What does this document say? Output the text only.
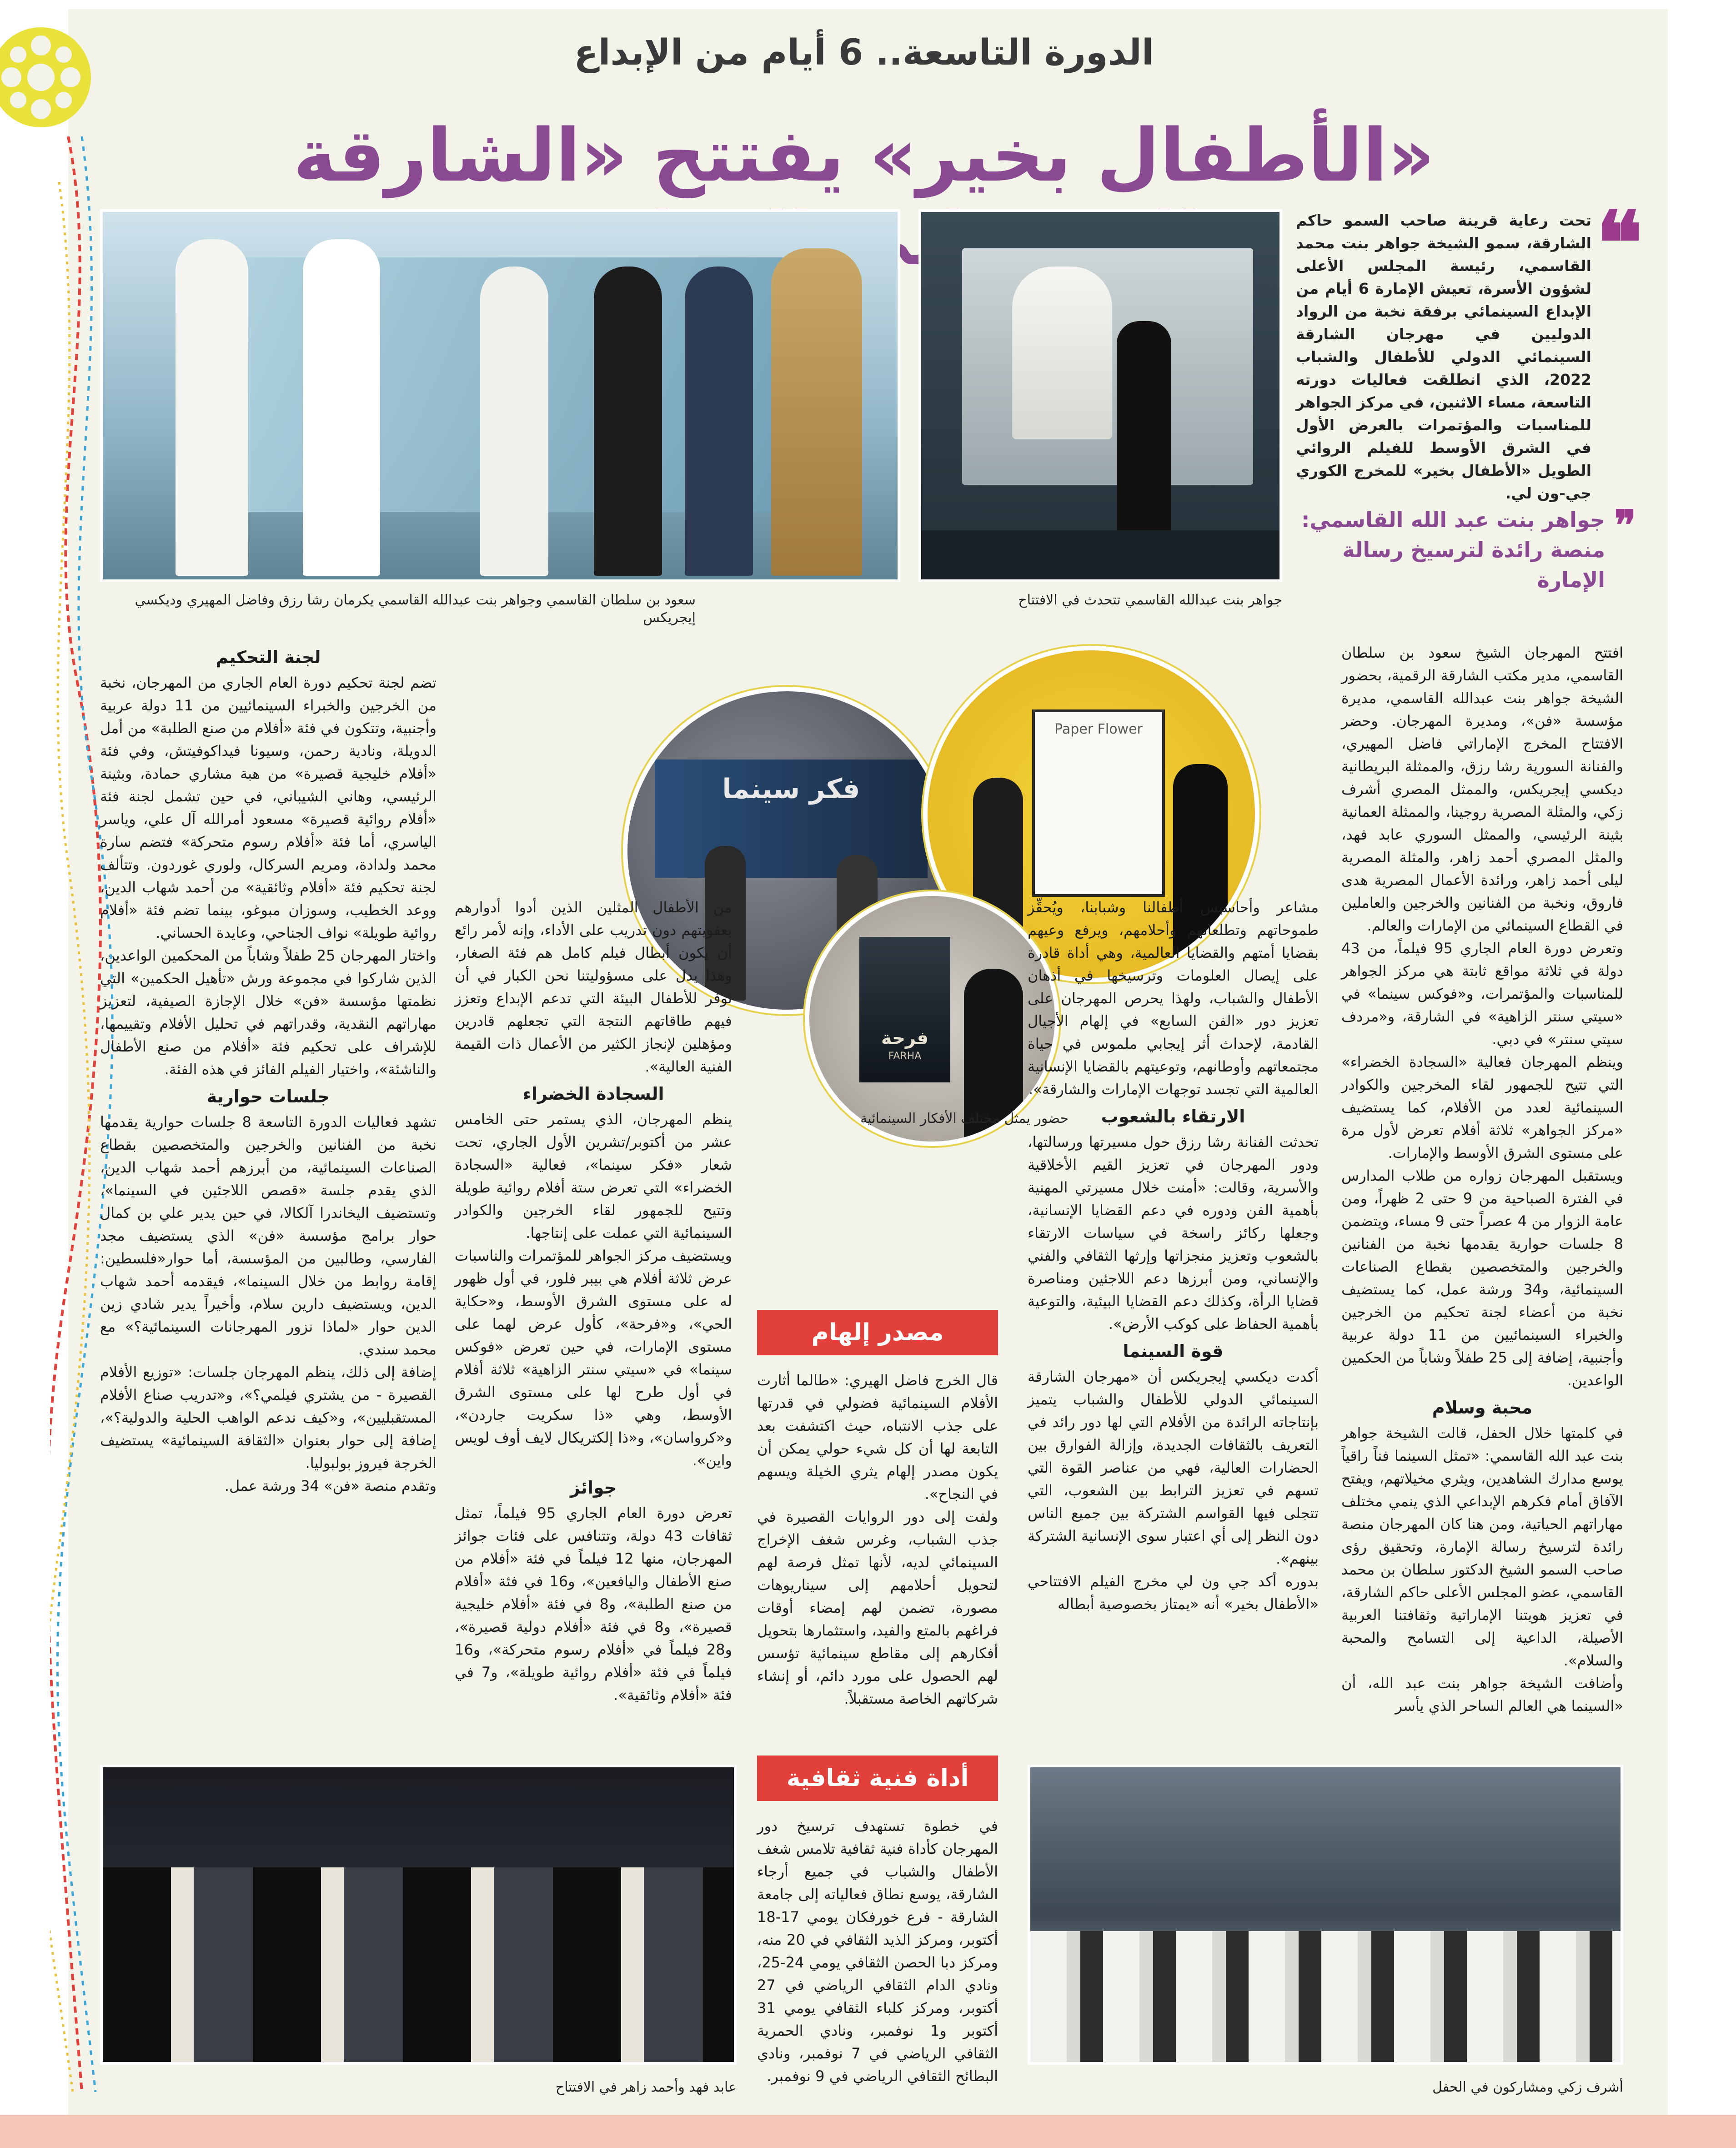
الدورة التاسعة.. 6 أيام من الإبداع
«الأطفال بخير» يفتتح «الشارقة
❝
تحت رعاية قرينة صاحب السمو حاكم الشارقة، سمو الشيخة جواهر بنت محمد القاسمي، رئيسة المجلس الأعلى لشؤون الأسرة، تعيش الإمارة 6 أيام من الإبداع السينمائي برفقة نخبة من الرواد الدوليين في مهرجان الشارقة السينمائي الدولي للأطفال والشباب 2022، الذي انطلقت فعاليات دورته التاسعة، مساء الاثنين، في مركز الجواهر للمناسبات والمؤتمرات بالعرض الأول في الشرق الأوسط للفيلم الروائي الطويل «الأطفال بخير» للمخرج الكوري جي-ون لي.
❞
جواهر بنت عبد الله القاسمي:
منصة رائدة لترسيخ رسالة الإمارة
جواهر بنت عبدالله القاسمي تتحدث في الافتتاح
سعود بن سلطان القاسمي وجواهر بنت عبدالله القاسمي يكرمان رشا رزق وفاضل المهيري وديكسي إيجريكس
فكر سينما
Paper Flower
فرحة
FARHA
حضور يمثل مختلف الأفكار السينمائية

افتتح المهرجان الشيخ سعود بن سلطان القاسمي، مدير مكتب الشارقة الرقمية، بحضور الشيخة جواهر بنت عبدالله القاسمي، مديرة مؤسسة «فن»، ومديرة المهرجان. وحضر الافتتاح المخرج الإماراتي فاضل المهيري، والفنانة السورية رشا رزق، والممثلة البريطانية ديكسي إيجريكس، والممثل المصري أشرف زكي، والمثلة المصرية روجينا، والممثلة العمانية بثينة الرئيسي، والممثل السوري عابد فهد، والمثل المصري أحمد زاهر، والمثلة المصرية ليلى أحمد زاهر، ورائدة الأعمال المصرية هدى فاروق، ونخبة من الفنانين والخرجين والعاملين في القطاع السينمائي من الإمارات والعالم.

وتعرض دورة العام الجاري 95 فيلماً، من 43 دولة في ثلاثة مواقع ثابتة هي مركز الجواهر للمناسبات والمؤتمرات، و«فوكس سينما» في «سيتي سنتر الزاهية» في الشارقة، و«مردف سيتي سنتر» في دبي.

وينظم المهرجان فعالية «السجادة الخضراء» التي تتيح للجمهور لقاء المخرجين والكوادر السينمائية لعدد من الأفلام، كما يستضيف «مركز الجواهر» ثلاثة أفلام تعرض لأول مرة على مستوى الشرق الأوسط والإمارات.

ويستقبل المهرجان زواره من طلاب المدارس في الفترة الصباحية من 9 حتى 2 ظهراً، ومن عامة الزوار من 4 عصراً حتى 9 مساء، ويتضمن 8 جلسات حوارية يقدمها نخبة من الفنانين والخرجين والمتخصصين بقطاع الصناعات السينمائية، و34 ورشة عمل، كما يستضيف نخبة من أعضاء لجنة تحكيم من الخرجين والخبراء السينمائيين من 11 دولة عربية وأجنبية، إضافة إلى 25 طفلاً وشاباً من الحكمين الواعدين.

محبة وسلام

في كلمتها خلال الحفل، قالت الشيخة جواهر بنت عبد الله القاسمي: «تمثل السينما فناً راقياً يوسع مدارك الشاهدين، ويثري مخيلاتهم، ويفتح الآفاق أمام فكرهم الإبداعي الذي ينمي مختلف مهاراتهم الحياتية، ومن هنا كان المهرجان منصة رائدة لترسيخ رسالة الإمارة، وتحقيق رؤى صاحب السمو الشيخ الدكتور سلطان بن محمد القاسمي، عضو المجلس الأعلى حاكم الشارقة، في تعزيز هويتنا الإماراتية وثقافتنا العربية الأصيلة، الداعية إلى التسامح والمحبة والسلام».

وأضافت الشيخة جواهر بنت عبد الله، أن «السينما هي العالم الساحر الذي يأسر

مشاعر وأحاسيس أطفالنا وشبابنا، ويُحقِّز طموحاتهم وتطلعاتهم وأحلامهم، ويرفع وعيهم بقضايا أمتهم والقضايا العالمية، وهي أداة قادرة على إيصال العلومات وترسيخها في أذهان الأطفال والشباب، ولهذا يحرص المهرجان على تعزيز دور «الفن السابع» في إلهام الأجيال القادمة، لإحداث أثر إيجابي ملموس في حياة مجتمعاتهم وأوطانهم، وتوعيتهم بالقضايا الإنسانية العالمية التي تجسد توجهات الإمارات والشارقة».

الارتقاء بالشعوب

تحدثت الفنانة رشا رزق حول مسيرتها ورسالتها، ودور المهرجان في تعزيز القيم الأخلاقية والأسرية، وقالت: «أمنت خلال مسيرتي المهنية بأهمية الفن ودوره في دعم القضايا الإنسانية، وجعلها ركائز راسخة في سياسات الارتقاء بالشعوب وتعزيز منجزاتها وإرثها الثقافي والفني والإنساني، ومن أبرزها دعم اللاجئين ومناصرة قضايا الرأة، وكذلك دعم القضايا البيئية، والتوعية بأهمية الحفاظ على كوكب الأرض».

قوة السينما

أكدت ديكسي إيجريكس أن «مهرجان الشارقة السينمائي الدولي للأطفال والشباب يتميز بإنتاجاته الرائدة من الأفلام التي لها دور رائد في التعريف بالثقافات الجديدة، وإزالة الفوارق بين الحضارات العالية، فهي من عناصر القوة التي تسهم في تعزيز الترابط بين الشعوب، التي تتجلى فيها القواسم الشتركة بين جميع الناس دون النظر إلى أي اعتبار سوى الإنسانية الشتركة بينهم».

بدوره أكد جي ون لي مخرج الفيلم الافتتاحي «الأطفال بخير» أنه «يمتاز بخصوصية أبطاله

مصدر إلهام

قال الخرج فاضل الهيري: «طالما أثارت الأفلام السينمائية فضولي في قدرتها على جذب الانتباه، حيث اكتشفت بعد التابعة لها أن كل شيء حولي يمكن أن يكون مصدر إلهام يثري الخيلة ويسهم في النجاح».

ولفت إلى دور الروايات القصيرة في جذب الشباب، وغرس شغف الإخراج السينمائي لديه، لأنها تمثل فرصة لهم لتحويل أحلامهم إلى سيناريوهات مصورة، تضمن لهم إمضاء أوقات فراغهم بالمتع والفيد، واستثمارها بتحويل أفكارهم إلى مقاطع سينمائية تؤسس لهم الحصول على مورد دائم، أو إنشاء شركاتهم الخاصة مستقبلاً.

أداة فنية ثقافية

في خطوة تستهدف ترسيخ دور المهرجان كأداة فنية ثقافية تلامس شغف الأطفال والشباب في جميع أرجاء الشارقة، يوسع نطاق فعالياته إلى جامعة الشارقة - فرع خورفكان يومي 17-18 أكتوبر، ومركز الذيد الثقافي في 20 منه، ومركز دبا الحصن الثقافي يومي 24-25، ونادي الدام الثقافي الرياضي في 27 أكتوبر، ومركز كلباء الثقافي يومي 31 أكتوبر و1 نوفمبر، ونادي الحمرية الثقافي الرياضي في 7 نوفمبر، ونادي البطائح الثقافي الرياضي في 9 نوفمبر.

من الأطفال المثلين الذين أدوا أدوارهم بعفويتهم دون تدريب على الأداء، وإنه لأمر رائع أن يكون أبطال فيلم كامل هم فئة الصغار، وهذا يدل على مسؤوليتنا نحن الكبار في أن نوفر للأطفال البيئة التي تدعم الإبداع وتعزز فيهم طاقاتهم النتجة التي تجعلهم قادرين ومؤهلين لإنجاز الكثير من الأعمال ذات القيمة الفنية العالية».

السجادة الخضراء

ينظم المهرجان، الذي يستمر حتى الخامس عشر من أكتوبر/تشرين الأول الجاري، تحت شعار «فكر سينما»، فعالية «السجادة الخضراء» التي تعرض ستة أفلام روائية طويلة وتتيح للجمهور لقاء الخرجين والكوادر السينمائية التي عملت على إنتاجها.

ويستضيف مركز الجواهر للمؤتمرات والناسبات عرض ثلاثة أفلام هي بيبر فلور، في أول ظهور له على مستوى الشرق الأوسط، و«حكاية الحي»، و«فرحة»، كأول عرض لهما على مستوى الإمارات، في حين تعرض «فوكس سينما» في «سيتي سنتر الزاهية» ثلاثة أفلام في أول طرح لها على مستوى الشرق الأوسط، وهي «ذا سكريت جاردن»، و«كرواسان»، و«ذا إلكتريكال لايف أوف لويس واين».

جوائز

تعرض دورة العام الجاري 95 فيلماً، تمثل ثقافات 43 دولة، وتتنافس على فئات جوائز المهرجان، منها 12 فيلماً في فئة «أفلام من صنع الأطفال واليافعين»، و16 في فئة «أفلام من صنع الطلبة»، و8 في فئة «أفلام خليجية قصيرة»، و8 في فئة «أفلام دولية قصيرة»، و28 فيلماً في «أفلام رسوم متحركة»، و16 فيلماً في فئة «أفلام روائية طويلة»، و7 في فئة «أفلام وثائقية».

لجنة التحكيم

تضم لجنة تحكيم دورة العام الجاري من المهرجان، نخبة من الخرجين والخبراء السينمائيين من 11 دولة عربية وأجنبية، وتتكون في فئة «أفلام من صنع الطلبة» من أمل الدويلة، ونادية رحمن، وسيونا فيداكوفيتش، وفي فئة «أفلام خليجية قصيرة» من هبة مشاري حمادة، وبثينة الرئيسي، وهاني الشيباني، في حين تشمل لجنة فئة «أفلام روائية قصيرة» مسعود أمرالله آل علي، وياسر الياسري، أما فئة «أفلام رسوم متحركة» فتضم سارة محمد ولدادة، ومريم السركال، ولوري غوردون. وتتألف لجنة تحكيم فئة «أفلام وثائقية» من أحمد شهاب الدين، ووعد الخطيب، وسوزان مبوغو، بينما تضم فئة «أفلام روائية طويلة» نواف الجناحي، وعايدة الحساني.

واختار المهرجان 25 طفلاً وشاباً من المحكمين الواعدين، الذين شاركوا في مجموعة ورش «تأهيل الحكمين» التي نظمتها مؤسسة «فن» خلال الإجازة الصيفية، لتعزيز مهاراتهم النقدية، وقدراتهم في تحليل الأفلام وتقييمها، للإشراف على تحكيم فئة «أفلام من صنع الأطفال والناشئة»، واختيار الفيلم الفائز في هذه الفئة.

جلسات حوارية

تشهد فعاليات الدورة التاسعة 8 جلسات حوارية يقدمها نخبة من الفنانين والخرجين والمتخصصين بقطاع الصناعات السينمائية، من أبرزهم أحمد شهاب الدين، الذي يقدم جلسة «قصص اللاجئين في السينما»، وتستضيف اليخاندرا آلكالا، في حين يدير علي بن كمال حوار برامج مؤسسة «فن» الذي يستضيف مجد الفارسي، وطالبين من المؤسسة، أما حوار«فلسطين: إقامة روابط من خلال السينما»، فيقدمه أحمد شهاب الدين، ويستضيف دارين سلام، وأخيراً يدير شادي زين الدين حوار «لماذا نزور المهرجانات السينمائية؟» مع محمد سندي.

إضافة إلى ذلك، ينظم المهرجان جلسات: «توزيع الأفلام القصيرة - من يشتري فيلمي؟»، و«تدريب صناع الأفلام المستقبليين»، و«كيف ندعم الواهب الحلية والدولية؟»، إضافة إلى حوار بعنوان «الثقافة السينمائية» يستضيف الخرجة فيروز بولبوليا.

وتقدم منصة «فن» 34 ورشة عمل.

أشرف زكي ومشاركون في الحفل
عابد فهد وأحمد زاهر في الافتتاح
